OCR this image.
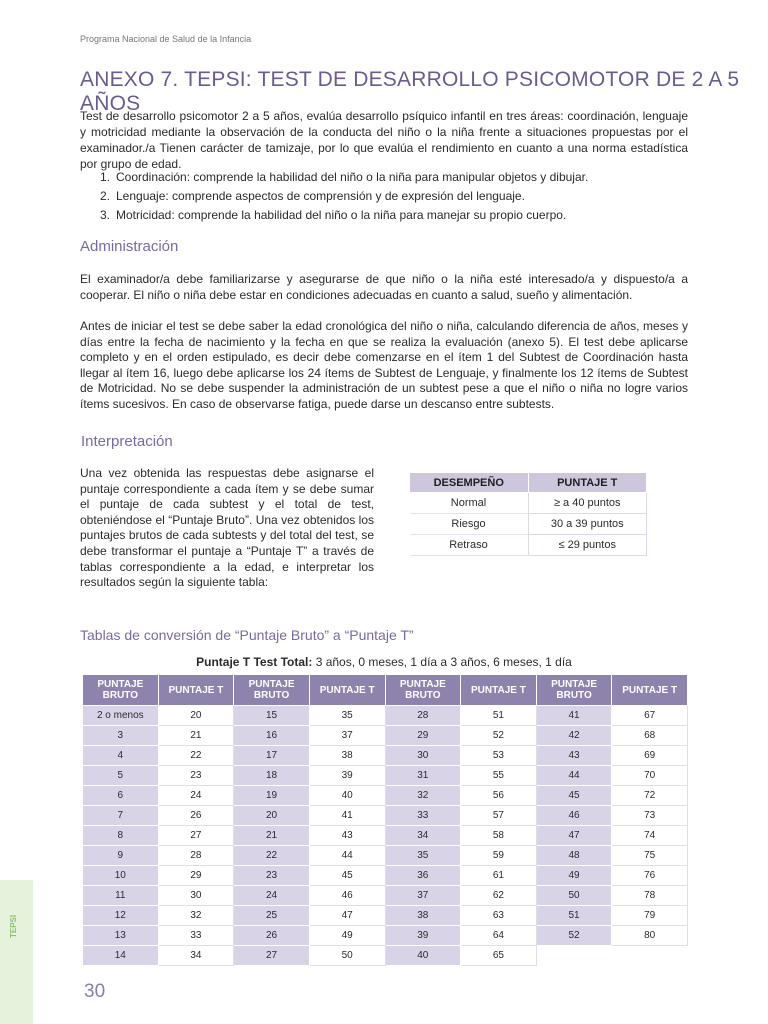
Programa Nacional de Salud de la Infancia
ANEXO 7. TEPSI: TEST DE DESARROLLO PSICOMOTOR DE 2 A 5 AÑOS

Test de desarrollo psicomotor 2 a 5 años, evalúa desarrollo psíquico infantil en tres áreas: coordinación, lenguaje y motricidad mediante la observación de la conducta del niño o la niña frente a situaciones propuestas por el examinador./a Tienen carácter de tamizaje, por lo que evalúa el rendimiento en cuanto a una norma estadística por grupo de edad.

1. Coordinación: comprende la habilidad del niño o la niña para manipular objetos y dibujar.
2. Lenguaje: comprende aspectos de comprensión y de expresión del lenguaje.
3. Motricidad: comprende la habilidad del niño o la niña para manejar su propio cuerpo.
Administración

El examinador/a debe familiarizarse y asegurarse de que niño o la niña esté interesado/a y dispuesto/a a cooperar. El niño o niña debe estar en condiciones adecuadas en cuanto a salud, sueño y alimentación.

Antes de iniciar el test se debe saber la edad cronológica del niño o niña, calculando diferencia de años, meses y días entre la fecha de nacimiento y la fecha en que se realiza la evaluación (anexo 5). El test debe aplicarse completo y en el orden estipulado, es decir debe comenzarse en el ítem 1 del Subtest de Coordinación hasta llegar al ítem 16, luego debe aplicarse los 24 ítems de Subtest de Lenguaje, y finalmente los 12 ítems de Subtest de Motricidad. No se debe suspender la administración de un subtest pese a que el niño o niña no logre varios ítems sucesivos. En caso de observarse fatiga, puede darse un descanso entre subtests.

Interpretación

Una vez obtenida las respuestas debe asignarse el puntaje correspondiente a cada ítem y se debe sumar el puntaje de cada subtest y el total de test, obteniéndose el “Puntaje Bruto”. Una vez obtenidos los puntajes brutos de cada subtests y del total del test, se debe transformar el puntaje a “Puntaje T” a través de tablas correspondiente a la edad, e interpretar los resultados según la siguiente tabla:

DESEMPEÑO	PUNTAJE T
Normal	≥ a 40 puntos
Riesgo	30 a 39 puntos
Retraso	≤ 29 puntos
Tablas de conversión de “Puntaje Bruto” a “Puntaje T”

Puntaje T Test Total: 3 años, 0 meses, 1 día a 3 años, 6 meses, 1 día

PUNTAJE BRUTO	PUNTAJE T	PUNTAJE BRUTO	PUNTAJE T	PUNTAJE BRUTO	PUNTAJE T	PUNTAJE BRUTO	PUNTAJE T
2 o menos	20	15	35	28	51	41	67
3	21	16	37	29	52	42	68
4	22	17	38	30	53	43	69
5	23	18	39	31	55	44	70
6	24	19	40	32	56	45	72
7	26	20	41	33	57	46	73
8	27	21	43	34	58	47	74
9	28	22	44	35	59	48	75
10	29	23	45	36	61	49	76
11	30	24	46	37	62	50	78
12	32	25	47	38	63	51	79
13	33	26	49	39	64	52	80
14	34	27	50	40	65		
TEPSI
30
